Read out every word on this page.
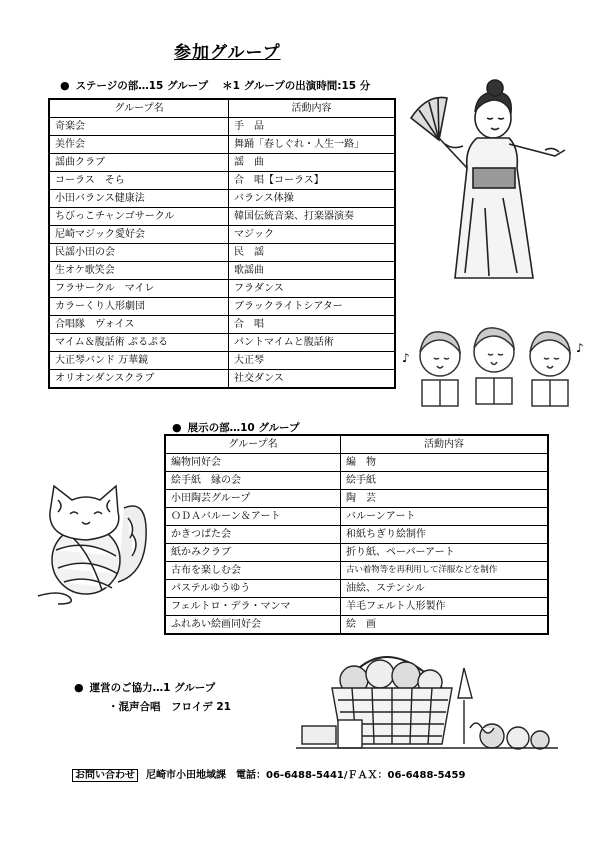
参加グループ
● ステージの部…15 グループ ＊1 グループの出演時間:15 分
グループ名	活動内容
奇楽会	手　品
美作会	舞踊「春しぐれ・人生一路」
謡曲クラブ	謡　曲
コーラス　そら	合　唱【コーラス】
小田バランス健康法	バランス体操
ちびっこチャンゴサークル	韓国伝統音楽、打楽器演奏
尼崎マジック愛好会	マジック
民謡小田の会	民　謡
生オケ歌笑会	歌謡曲
フラサークル　マイレ	フラダンス
カラーくり人形劇団	ブラックライトシアター
合唱隊　ヴォイス	合　唱
マイム＆腹話術 ぷるぷる	パントマイムと腹話術
大正琴バンド 万華鏡	大正琴
オリオンダンスクラブ	社交ダンス
● 展示の部…10 グループ
グループ名	活動内容
編物同好会	編　物
絵手紙　縁の会	絵手紙
小田陶芸グループ	陶　芸
ＯＤＡバルーン＆アート	バルーンアート
かきつばた会	和紙ちぎり絵制作
紙かみクラブ	折り紙、ペーパーアート
古布を楽しむ会	古い着物等を再利用して洋服などを制作
パステルゆうゆう	油絵、ステンシル
フェルトロ・デラ・マンマ	羊毛フェルト人形製作
ふれあい絵画同好会	絵　画
● 運営のご協力…1 グループ
・混声合唱　フロイデ 21
お問い合わせ 尼崎市小田地域課　電話：06-6488-5441/ＦＡＸ：06-6488-5459
♪
♪
